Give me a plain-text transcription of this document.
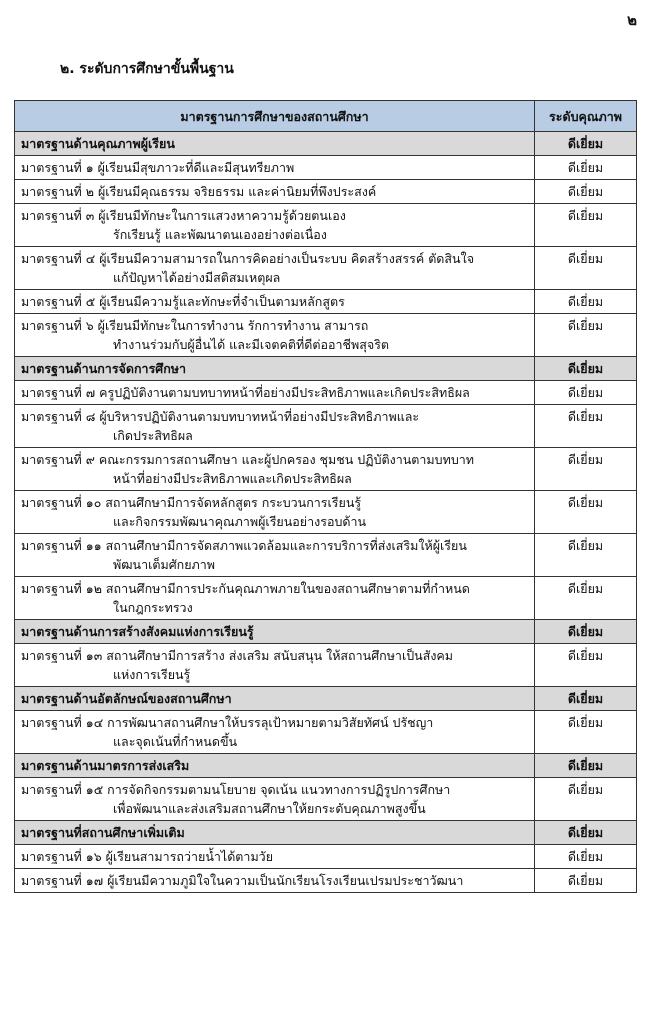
๒
๒. ระดับการศึกษาขั้นพื้นฐาน
มาตรฐานการศึกษาของสถานศึกษา	ระดับคุณภาพ
มาตรฐานด้านคุณภาพผู้เรียน	ดีเยี่ยม

มาตรฐานที่ ๑ ผู้เรียนมีสุขภาวะที่ดีและมีสุนทรียภาพ	ดีเยี่ยม

มาตรฐานที่ ๒ ผู้เรียนมีคุณธรรม จริยธรรม และค่านิยมที่พึงประสงค์	ดีเยี่ยม

มาตรฐานที่ ๓ ผู้เรียนมีทักษะในการแสวงหาความรู้ด้วยตนเอง
รักเรียนรู้ และพัฒนาตนเองอย่างต่อเนื่อง	ดีเยี่ยม

มาตรฐานที่ ๔ ผู้เรียนมีความสามารถในการคิดอย่างเป็นระบบ คิดสร้างสรรค์ ตัดสินใจ
แก้ปัญหาได้อย่างมีสติสมเหตุผล	ดีเยี่ยม

มาตรฐานที่ ๕ ผู้เรียนมีความรู้และทักษะที่จำเป็นตามหลักสูตร	ดีเยี่ยม

มาตรฐานที่ ๖ ผู้เรียนมีทักษะในการทำงาน รักการทำงาน สามารถ
ทำงานร่วมกับผู้อื่นได้ และมีเจตคติที่ดีต่ออาชีพสุจริต	ดีเยี่ยม
มาตรฐานด้านการจัดการศึกษา	ดีเยี่ยม

มาตรฐานที่ ๗ ครูปฏิบัติงานตามบทบาทหน้าที่อย่างมีประสิทธิภาพและเกิดประสิทธิผล	ดีเยี่ยม

มาตรฐานที่ ๘ ผู้บริหารปฏิบัติงานตามบทบาทหน้าที่อย่างมีประสิทธิภาพและ
เกิดประสิทธิผล	ดีเยี่ยม

มาตรฐานที่ ๙ คณะกรรมการสถานศึกษา และผู้ปกครอง ชุมชน ปฏิบัติงานตามบทบาท
หน้าที่อย่างมีประสิทธิภาพและเกิดประสิทธิผล	ดีเยี่ยม

มาตรฐานที่ ๑๐ สถานศึกษามีการจัดหลักสูตร กระบวนการเรียนรู้
และกิจกรรมพัฒนาคุณภาพผู้เรียนอย่างรอบด้าน	ดีเยี่ยม

มาตรฐานที่ ๑๑ สถานศึกษามีการจัดสภาพแวดล้อมและการบริการที่ส่งเสริมให้ผู้เรียน
พัฒนาเต็มศักยภาพ	ดีเยี่ยม

มาตรฐานที่ ๑๒ สถานศึกษามีการประกันคุณภาพภายในของสถานศึกษาตามที่กำหนด
ในกฎกระทรวง	ดีเยี่ยม
มาตรฐานด้านการสร้างสังคมแห่งการเรียนรู้	ดีเยี่ยม

มาตรฐานที่ ๑๓ สถานศึกษามีการสร้าง ส่งเสริม สนับสนุน ให้สถานศึกษาเป็นสังคม
แห่งการเรียนรู้	ดีเยี่ยม
มาตรฐานด้านอัตลักษณ์ของสถานศึกษา	ดีเยี่ยม

มาตรฐานที่ ๑๔ การพัฒนาสถานศึกษาให้บรรลุเป้าหมายตามวิสัยทัศน์ ปรัชญา
และจุดเน้นที่กำหนดขึ้น	ดีเยี่ยม
มาตรฐานด้านมาตรการส่งเสริม	ดีเยี่ยม

มาตรฐานที่ ๑๕ การจัดกิจกรรมตามนโยบาย จุดเน้น แนวทางการปฏิรูปการศึกษา
เพื่อพัฒนาและส่งเสริมสถานศึกษาให้ยกระดับคุณภาพสูงขึ้น	ดีเยี่ยม
มาตรฐานที่สถานศึกษาเพิ่มเติม	ดีเยี่ยม

มาตรฐานที่ ๑๖ ผู้เรียนสามารถว่ายน้ำได้ตามวัย	ดีเยี่ยม

มาตรฐานที่ ๑๗ ผู้เรียนมีความภูมิใจในความเป็นนักเรียนโรงเรียนเปรมประชาวัฒนา	ดีเยี่ยม
